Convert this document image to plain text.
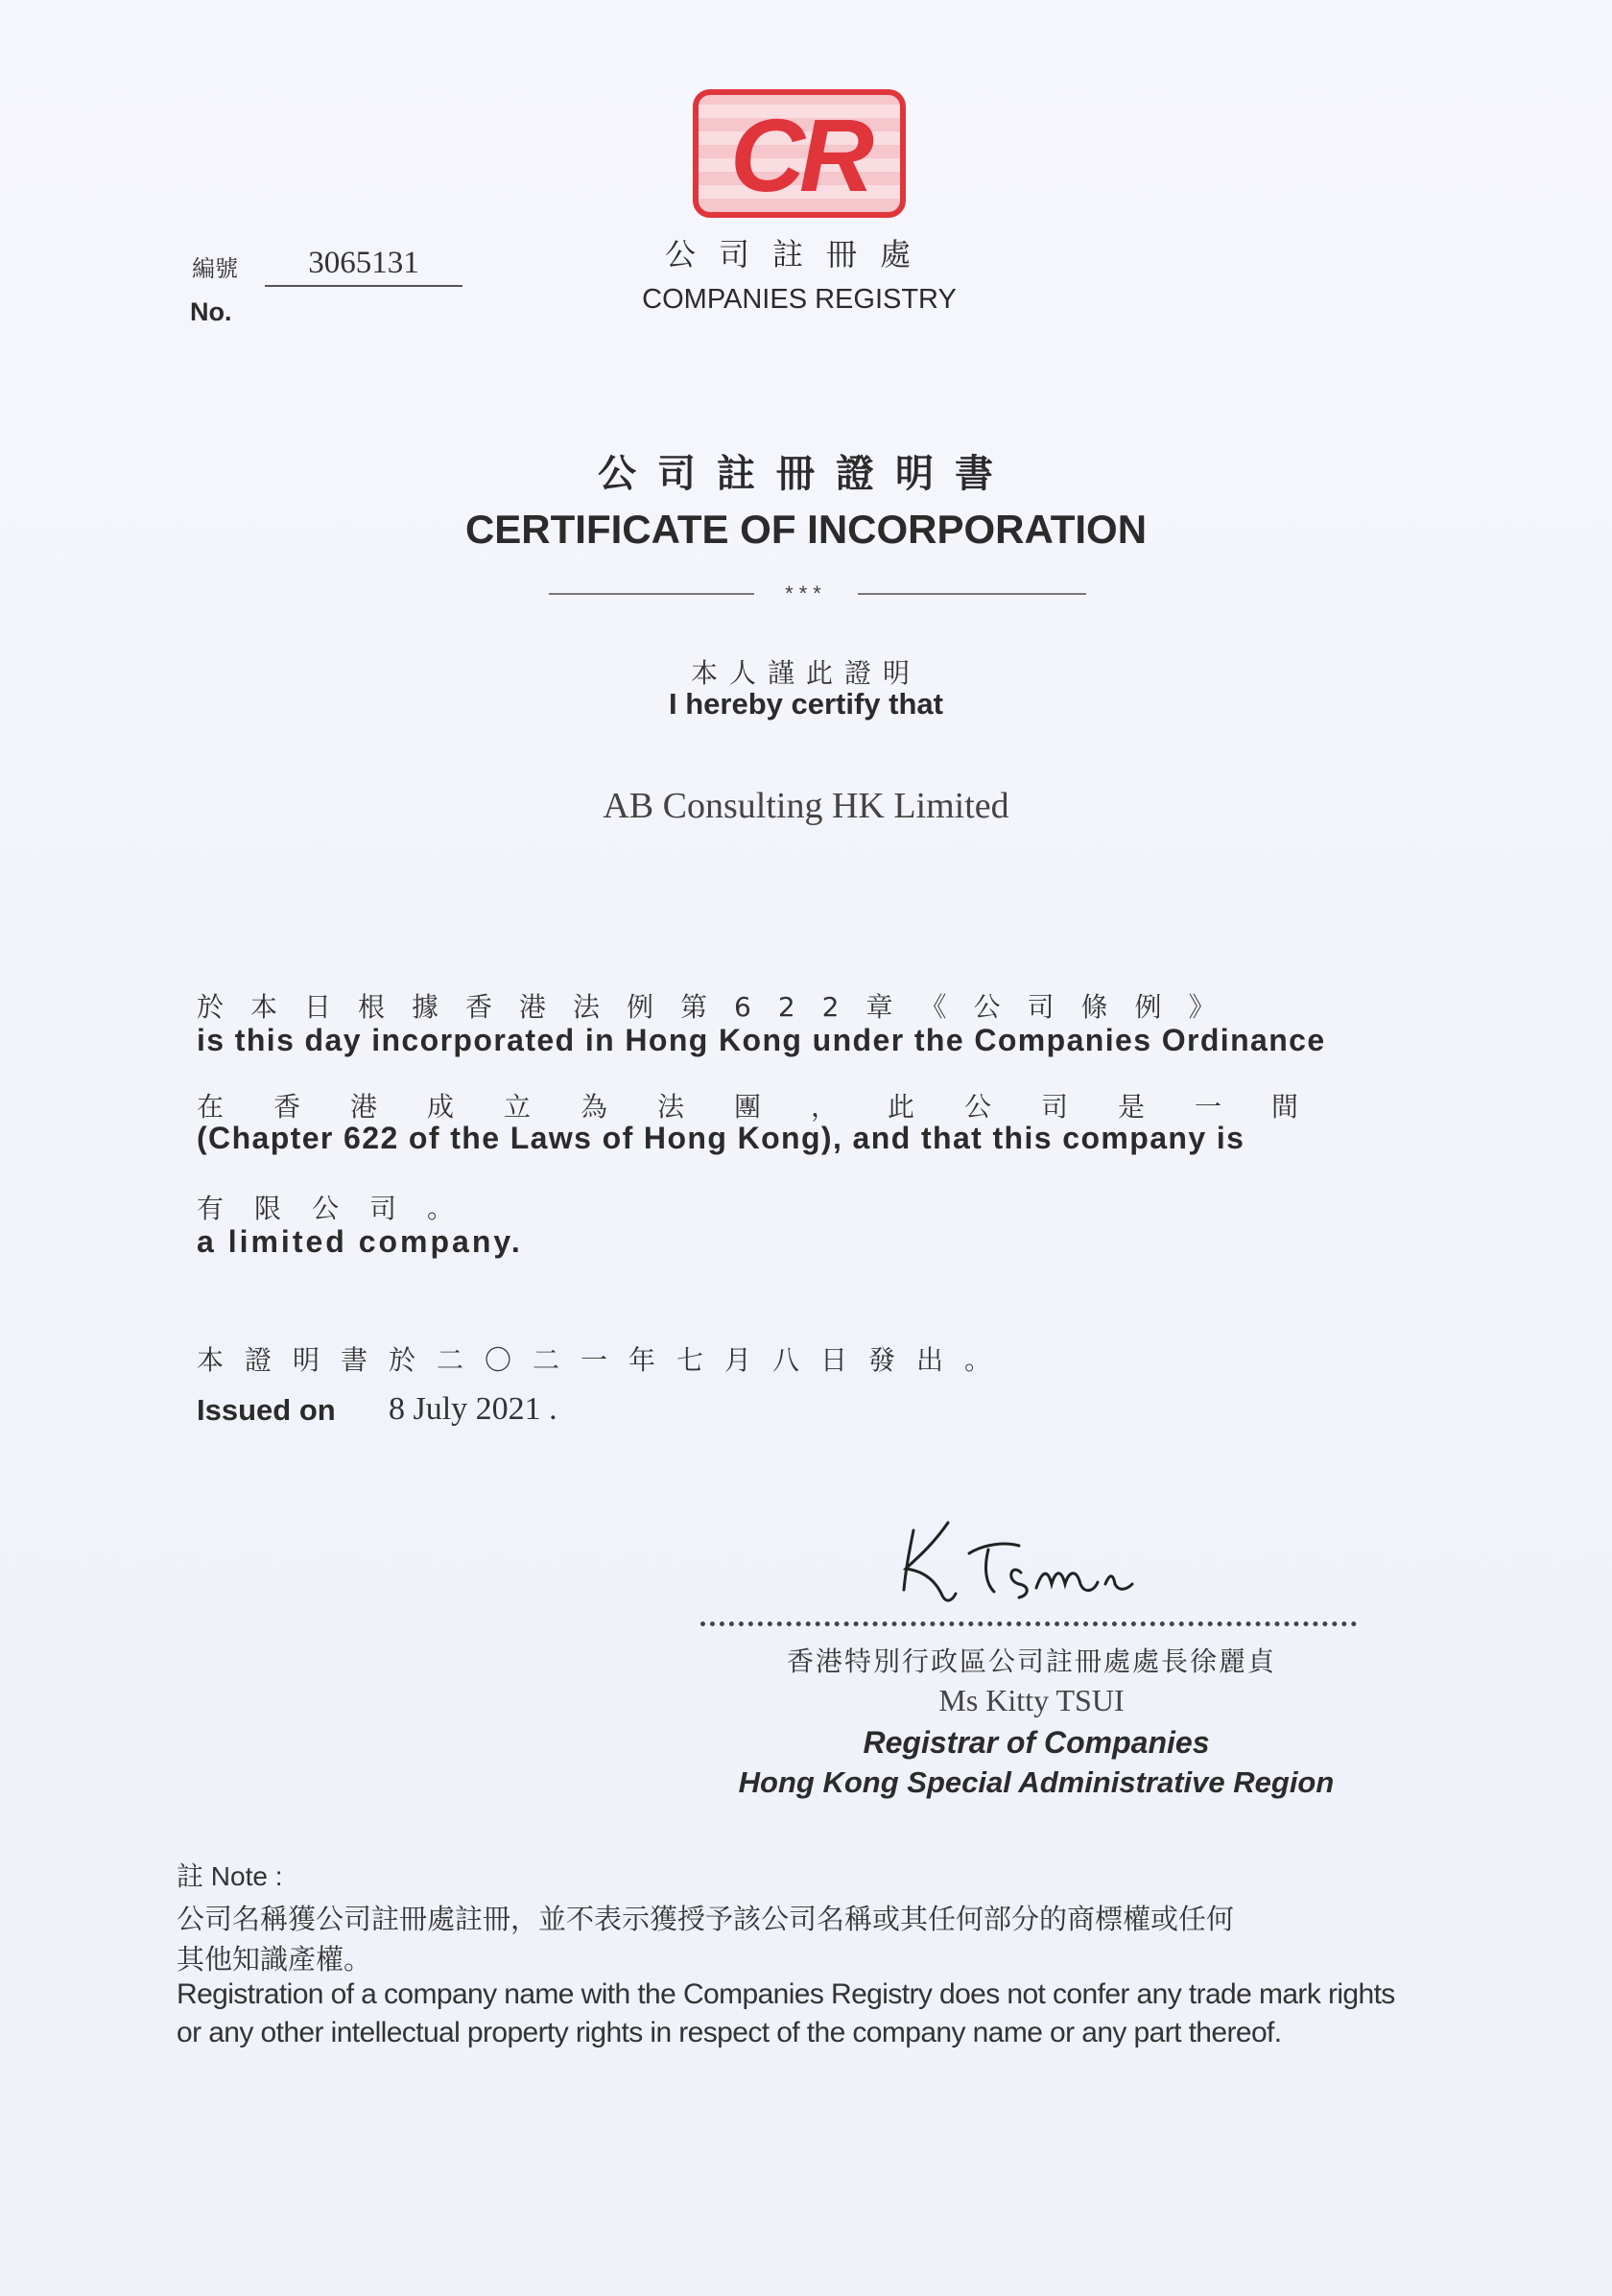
CR
公司註冊處
COMPANIES REGISTRY
編號
No.
3065131
公司註冊證明書
CERTIFICATE OF INCORPORATION
***
本人謹此證明
I hereby certify that
AB Consulting HK Limited
於本日根據香港法例第622章《公司條例》
is this day incorporated in Hong Kong under the Companies Ordinance
在香港成立為法團，此公司是一間
(Chapter 622 of the Laws of Hong Kong), and that this company is
有限公司。
a limited company.
本證明書於二〇二一年七月八日發出。
Issued on 8 July 2021 .
香港特別行政區公司註冊處處長徐麗貞
Ms Kitty TSUI
Registrar of Companies
Hong Kong Special Administrative Region
註 Note :
公司名稱獲公司註冊處註冊，並不表示獲授予該公司名稱或其任何部分的商標權或任何
其他知識產權。
Registration of a company name with the Companies Registry does not confer any trade mark rights
or any other intellectual property rights in respect of the company name or any part thereof.
